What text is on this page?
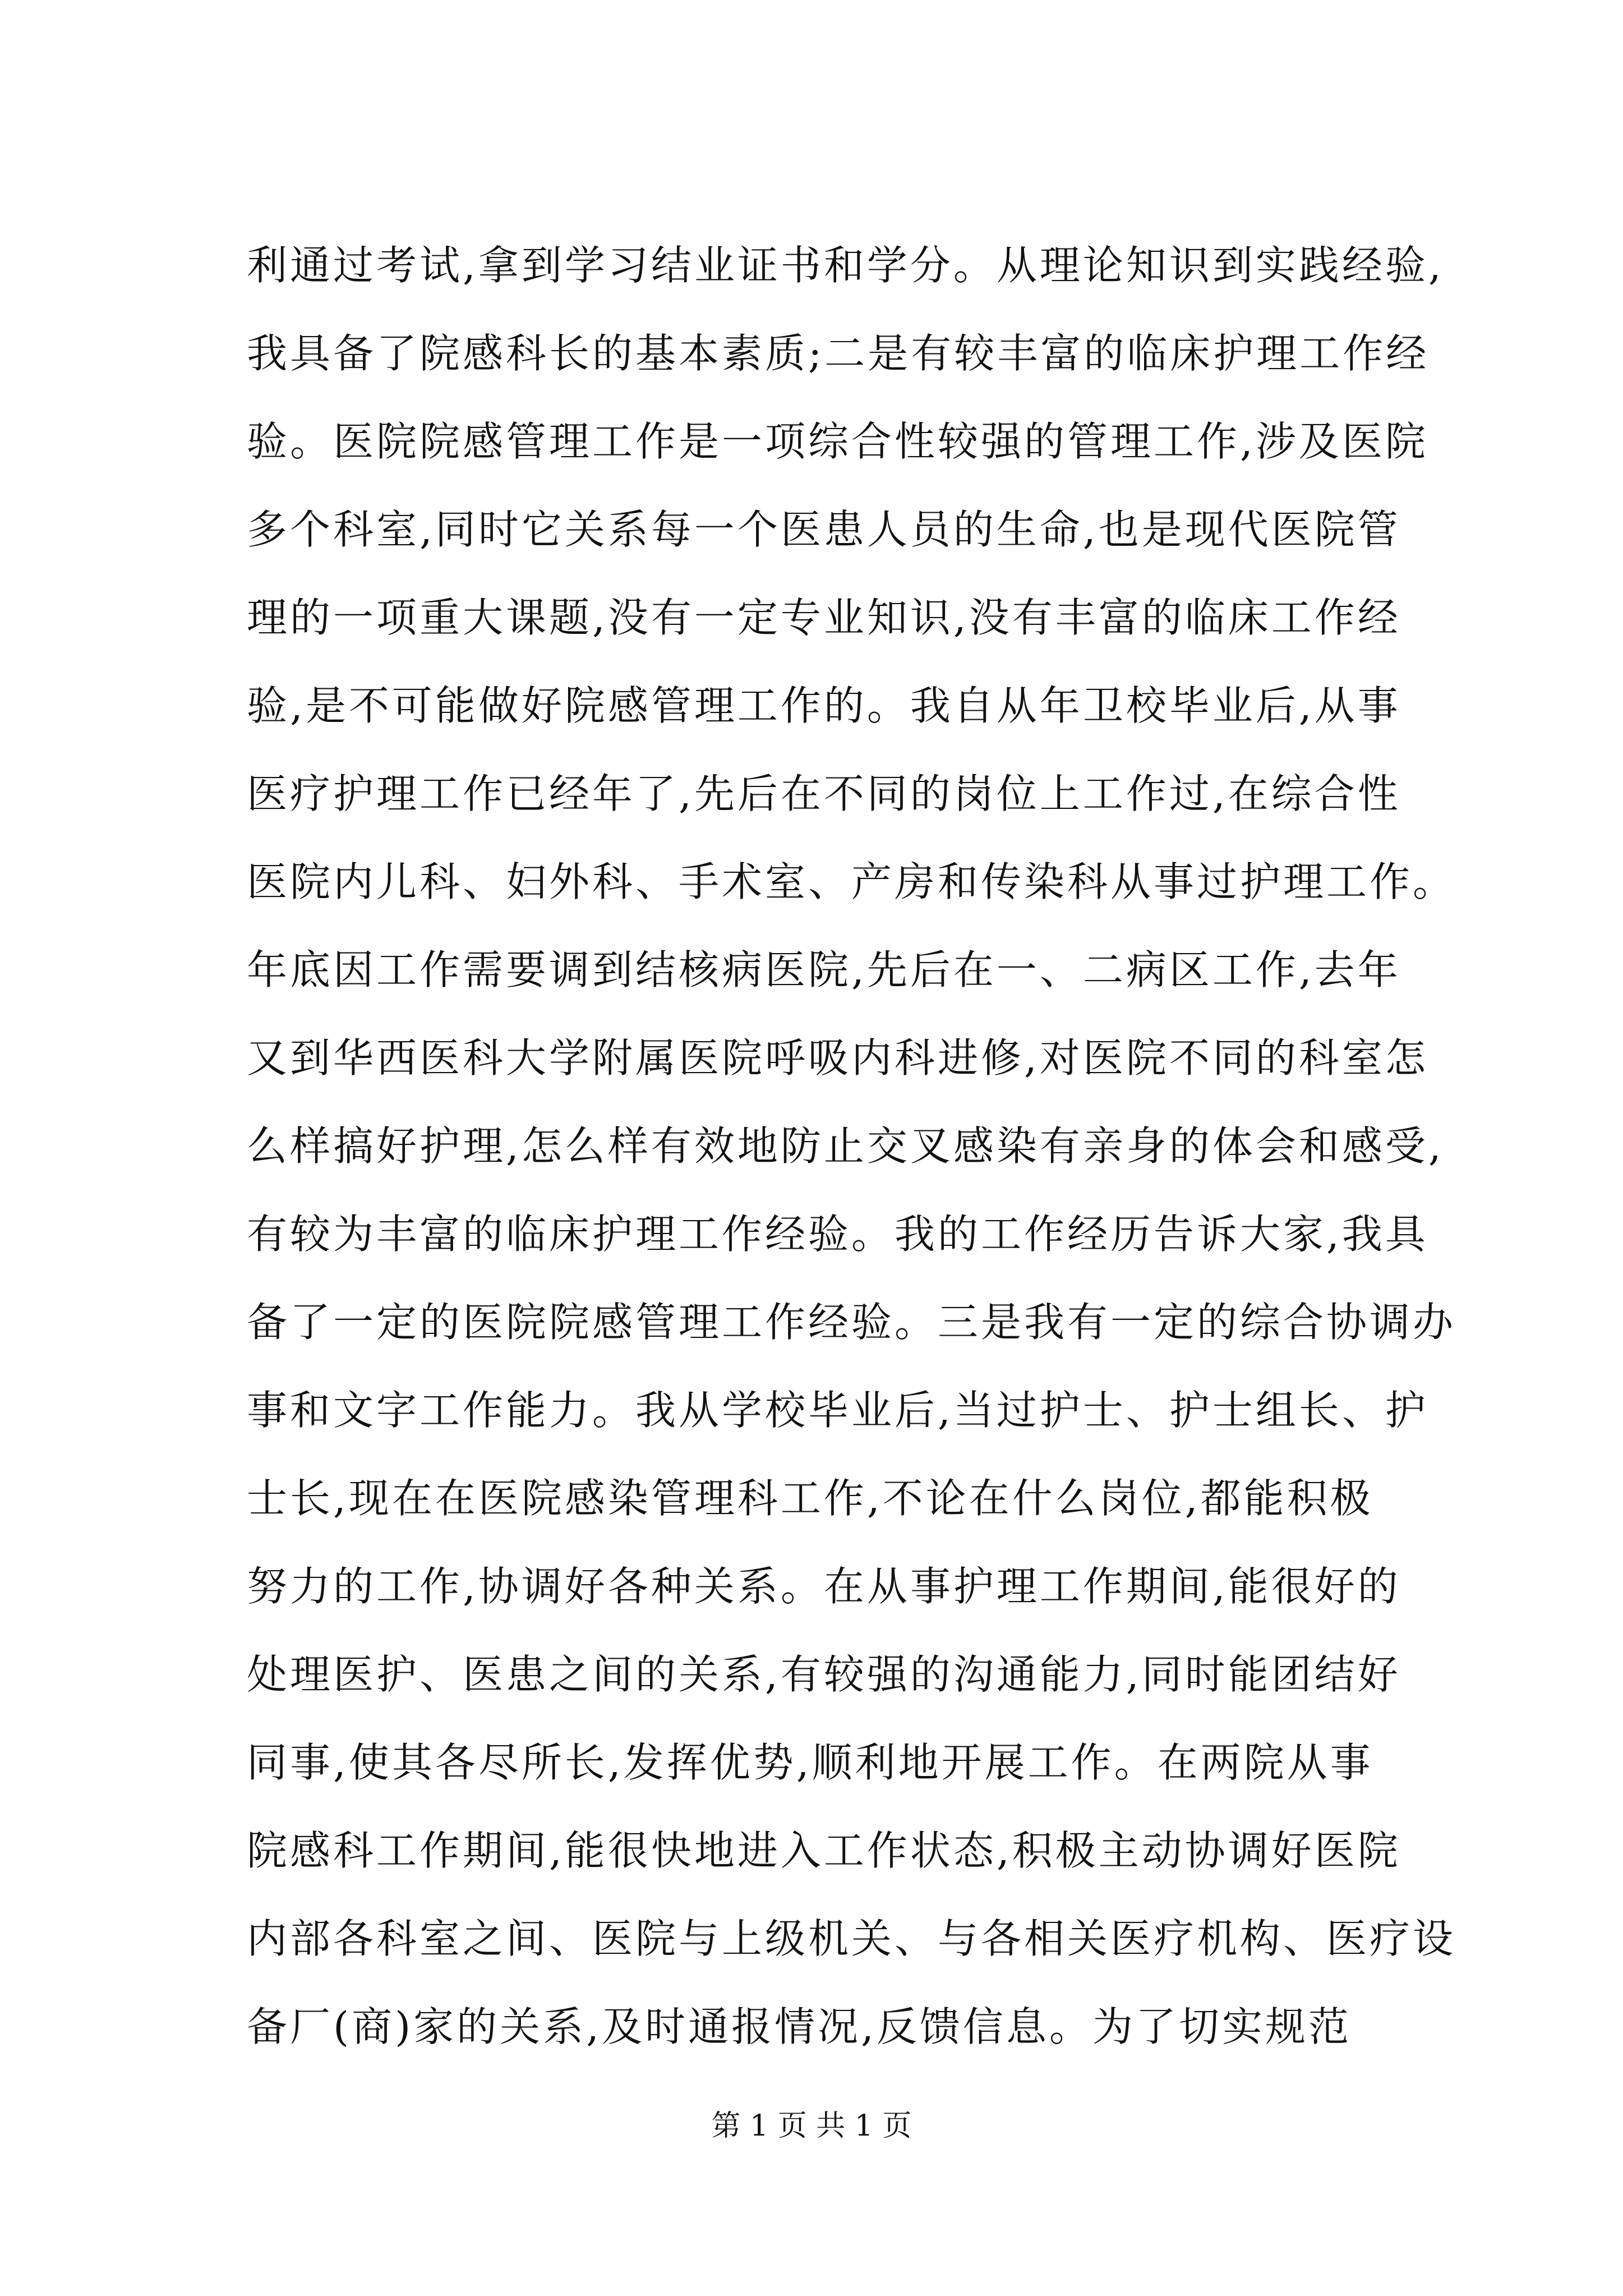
利通过考试,拿到学习结业证书和学分。从理论知识到实践经验,
我具备了院感科长的基本素质;二是有较丰富的临床护理工作经
验。医院院感管理工作是一项综合性较强的管理工作,涉及医院
多个科室,同时它关系每一个医患人员的生命,也是现代医院管
理的一项重大课题,没有一定专业知识,没有丰富的临床工作经
验,是不可能做好院感管理工作的。我自从年卫校毕业后,从事
医疗护理工作已经年了,先后在不同的岗位上工作过,在综合性
医院内儿科、妇外科、手术室、产房和传染科从事过护理工作。
年底因工作需要调到结核病医院,先后在一、二病区工作,去年
又到华西医科大学附属医院呼吸内科进修,对医院不同的科室怎
么样搞好护理,怎么样有效地防止交叉感染有亲身的体会和感受,
有较为丰富的临床护理工作经验。我的工作经历告诉大家,我具
备了一定的医院院感管理工作经验。三是我有一定的综合协调办
事和文字工作能力。我从学校毕业后,当过护士、护士组长、护
士长,现在在医院感染管理科工作,不论在什么岗位,都能积极
努力的工作,协调好各种关系。在从事护理工作期间,能很好的
处理医护、医患之间的关系,有较强的沟通能力,同时能团结好
同事,使其各尽所长,发挥优势,顺利地开展工作。在两院从事
院感科工作期间,能很快地进入工作状态,积极主动协调好医院
内部各科室之间、医院与上级机关、与各相关医疗机构、医疗设
备厂(商)家的关系,及时通报情况,反馈信息。为了切实规范
第 1 页 共 1 页
